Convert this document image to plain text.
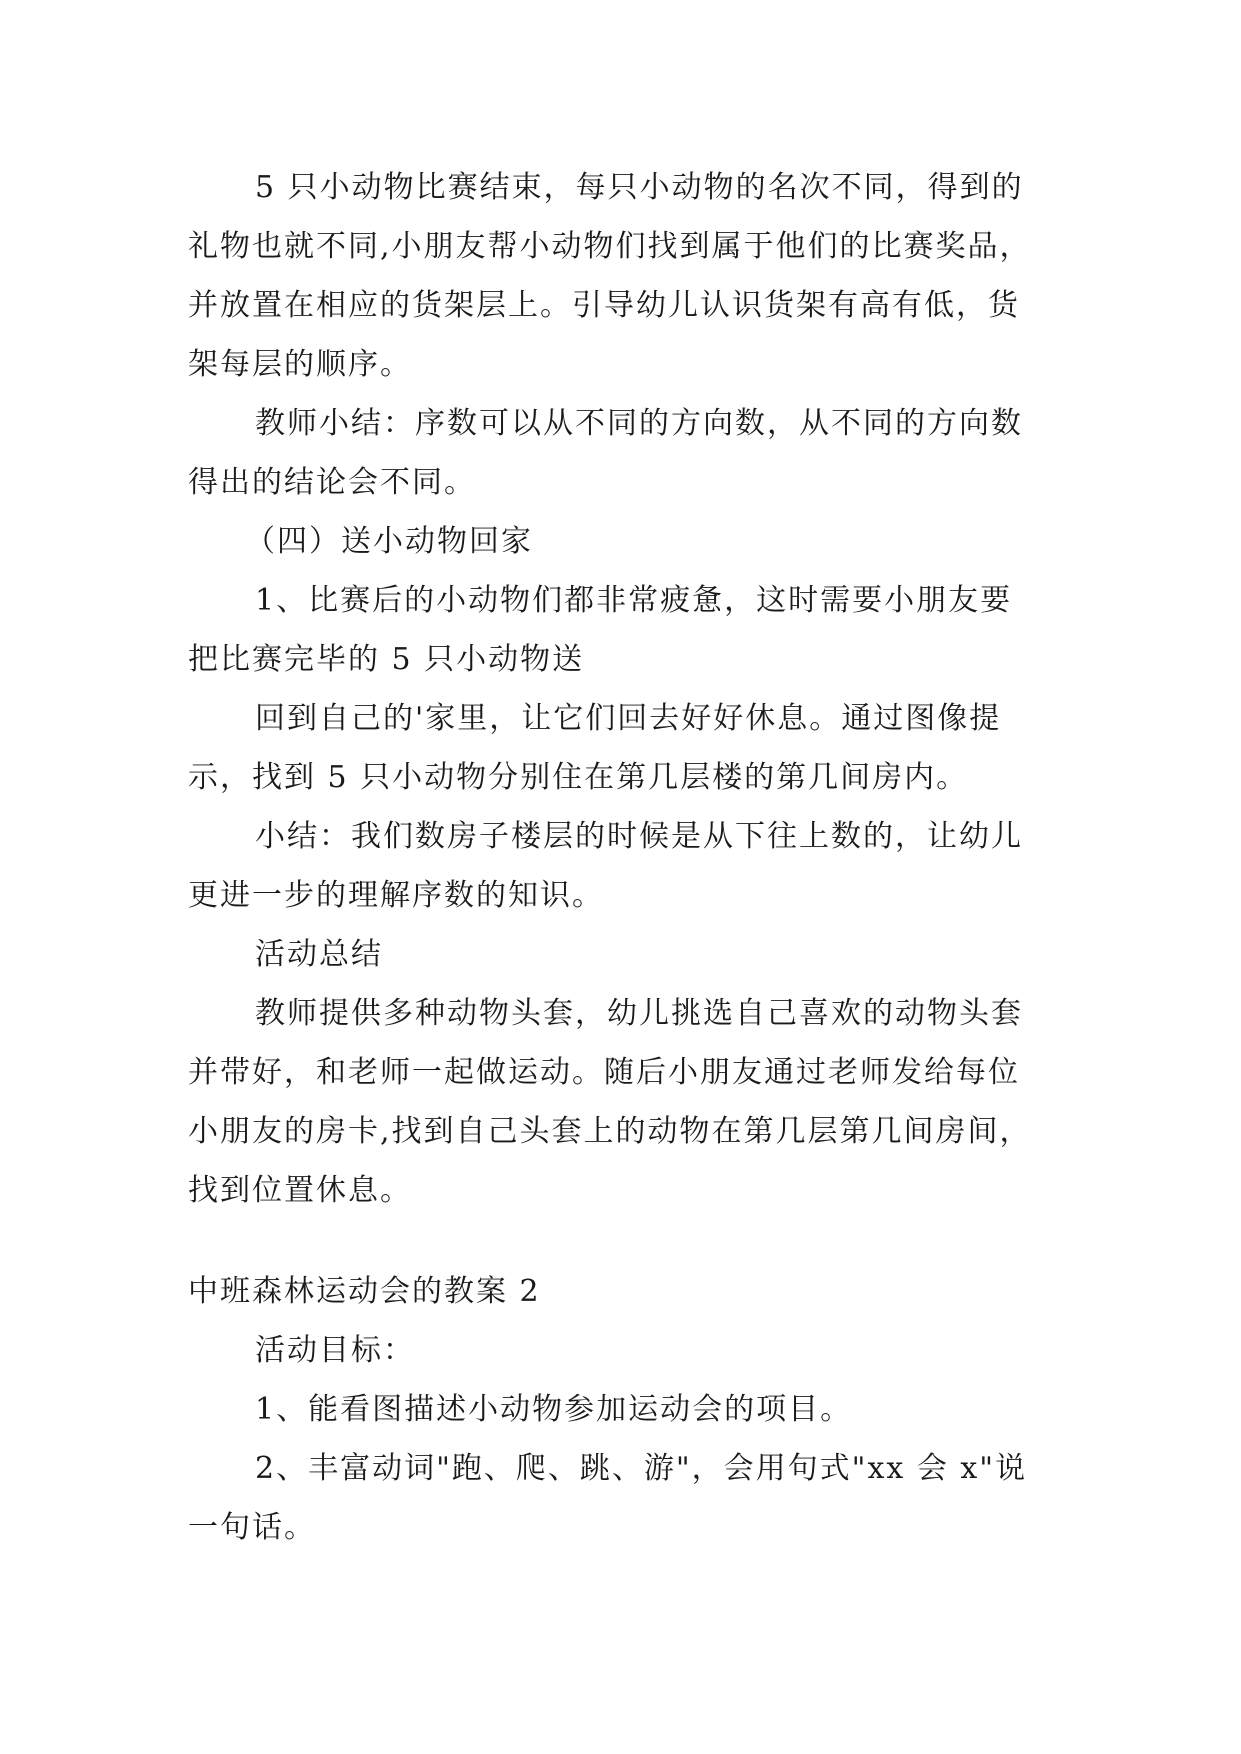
5 只小动物比赛结束，每只小动物的名次不同，得到的
礼物也就不同,小朋友帮小动物们找到属于他们的比赛奖品，
并放置在相应的货架层上。引导幼儿认识货架有高有低，货
架每层的顺序。
教师小结：序数可以从不同的方向数，从不同的方向数
得出的结论会不同。
（四）送小动物回家
1、比赛后的小动物们都非常疲惫，这时需要小朋友要
把比赛完毕的 5 只小动物送
回到自己的'家里，让它们回去好好休息。通过图像提
示，找到 5 只小动物分别住在第几层楼的第几间房内。
小结：我们数房子楼层的时候是从下往上数的，让幼儿
更进一步的理解序数的知识。
活动总结
教师提供多种动物头套，幼儿挑选自己喜欢的动物头套
并带好，和老师一起做运动。随后小朋友通过老师发给每位
小朋友的房卡,找到自己头套上的动物在第几层第几间房间，
找到位置休息。
中班森林运动会的教案 2
活动目标：
1、能看图描述小动物参加运动会的项目。
2、丰富动词"跑、爬、跳、游"，会用句式"xx 会 x"说
一句话。
